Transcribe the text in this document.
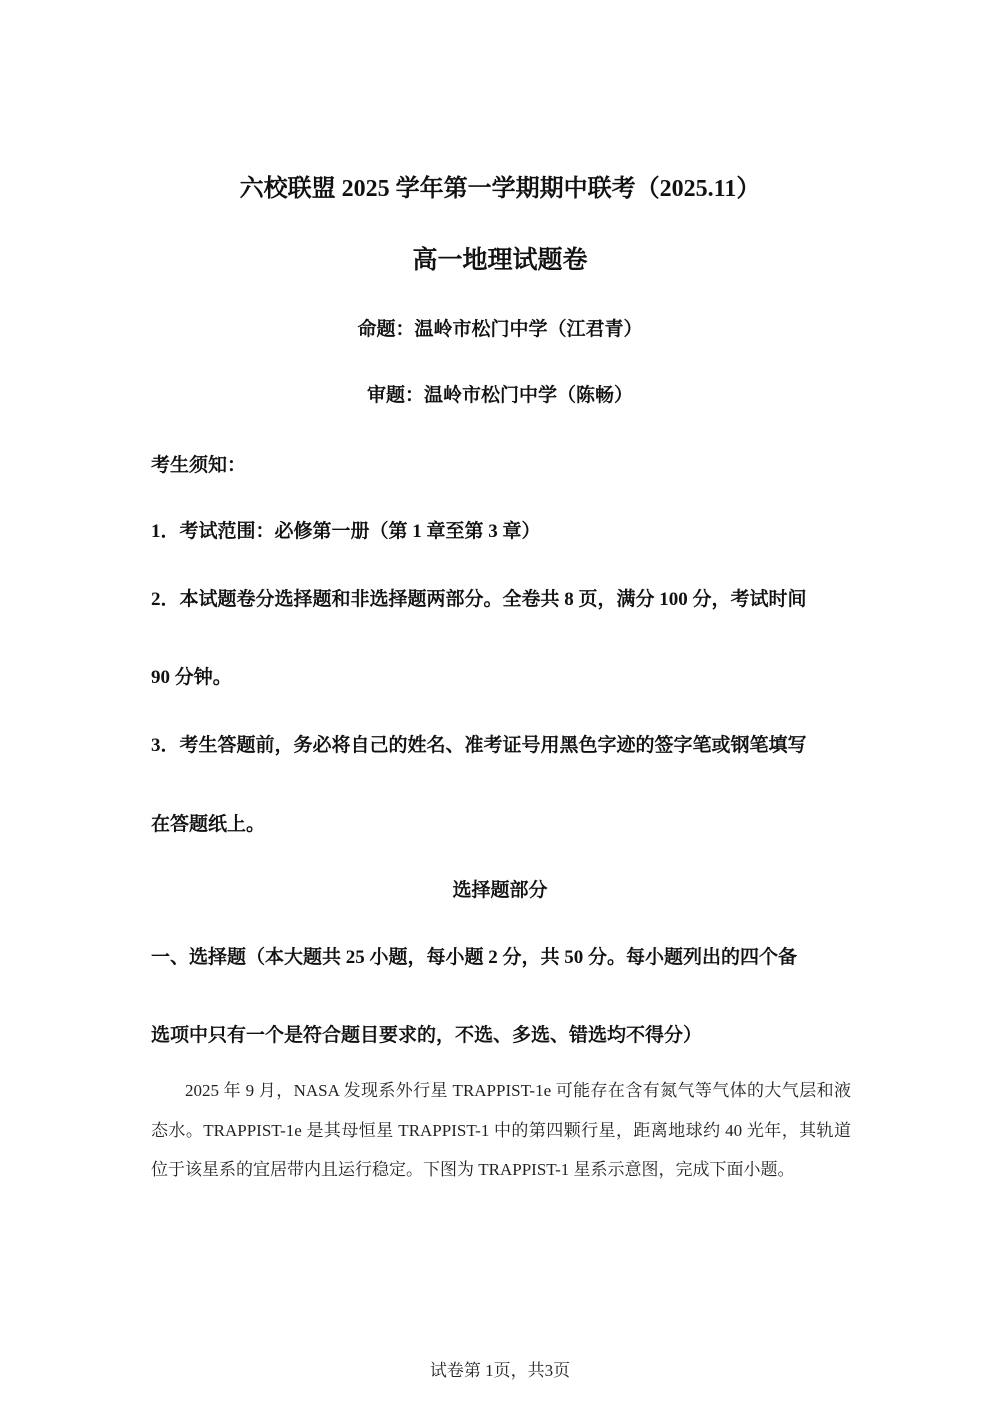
六校联盟 2025 学年第一学期期中联考（2025.11）
高一地理试题卷
命题：温岭市松门中学（江君青）
审题：温岭市松门中学（陈畅）
考生须知：
1．考试范围：必修第一册（第 1 章至第 3 章）
2．本试题卷分选择题和非选择题两部分。全卷共 8 页，满分 100 分，考试时间
90 分钟。
3．考生答题前，务必将自己的姓名、准考证号用黑色字迹的签字笔或钢笔填写
在答题纸上。
选择题部分
一、选择题（本大题共 25 小题，每小题 2 分，共 50 分。每小题列出的四个备
选项中只有一个是符合题目要求的，不选、多选、错选均不得分）
2025 年 9 月，NASA 发现系外行星 TRAPPIST-1e 可能存在含有氮气等气体的大气层和液态水。TRAPPIST-1e 是其母恒星 TRAPPIST-1 中的第四颗行星，距离地球约 40 光年，其轨道位于该星系的宜居带内且运行稳定。下图为 TRAPPIST-1 星系示意图，完成下面小题。
试卷第 1页，共3页
